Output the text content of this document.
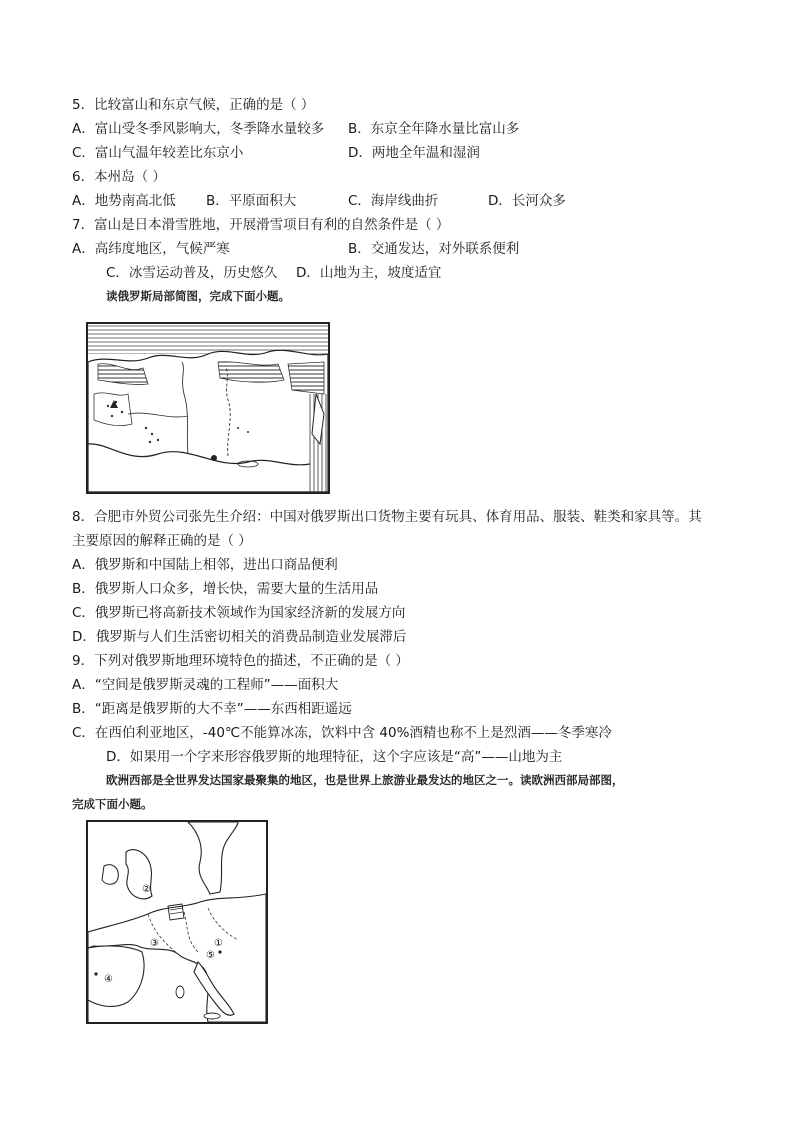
5．比较富山和东京气候，正确的是（ ）
A．富山受冬季风影响大，冬季降水量较多 B．东京全年降水量比富山多
C．富山气温年较差比东京小	D．两地全年温和湿润
6．本州岛（ ）
A．地势南高北低 B．平原面积大	C．海岸线曲折	D．长河众多
7．富山是日本滑雪胜地，开展滑雪项目有利的自然条件是（ ）
A．高纬度地区，气候严寒	B．交通发达，对外联系便利
C．冰雪运动普及，历史悠久 D．山地为主，坡度适宜
读俄罗斯局部简图，完成下面小题。
8．合肥市外贸公司张先生介绍：中国对俄罗斯出口货物主要有玩具、体育用品、服装、鞋类和家具等。其
主要原因的解释正确的是（ ）
A．俄罗斯和中国陆上相邻，进出口商品便利
B．俄罗斯人口众多，增长快，需要大量的生活用品
C．俄罗斯已将高新技术领域作为国家经济新的发展方向
D．俄罗斯与人们生活密切相关的消费品制造业发展滞后
9．下列对俄罗斯地理环境特色的描述，不正确的是（ ）
A．“空间是俄罗斯灵魂的工程师”——面积大
B．“距离是俄罗斯的大不幸”——东西相距遥远
C．在西伯利亚地区，-40℃不能算冰冻，饮料中含 40%酒精也称不上是烈酒——冬季寒冷
D．如果用一个字来形容俄罗斯的地理特征，这个字应该是“高”——山地为主
欧洲西部是全世界发达国家最聚集的地区，也是世界上旅游业最发达的地区之一。读欧洲西部局部图，
完成下面小题。
②
③
④
⑤
①
